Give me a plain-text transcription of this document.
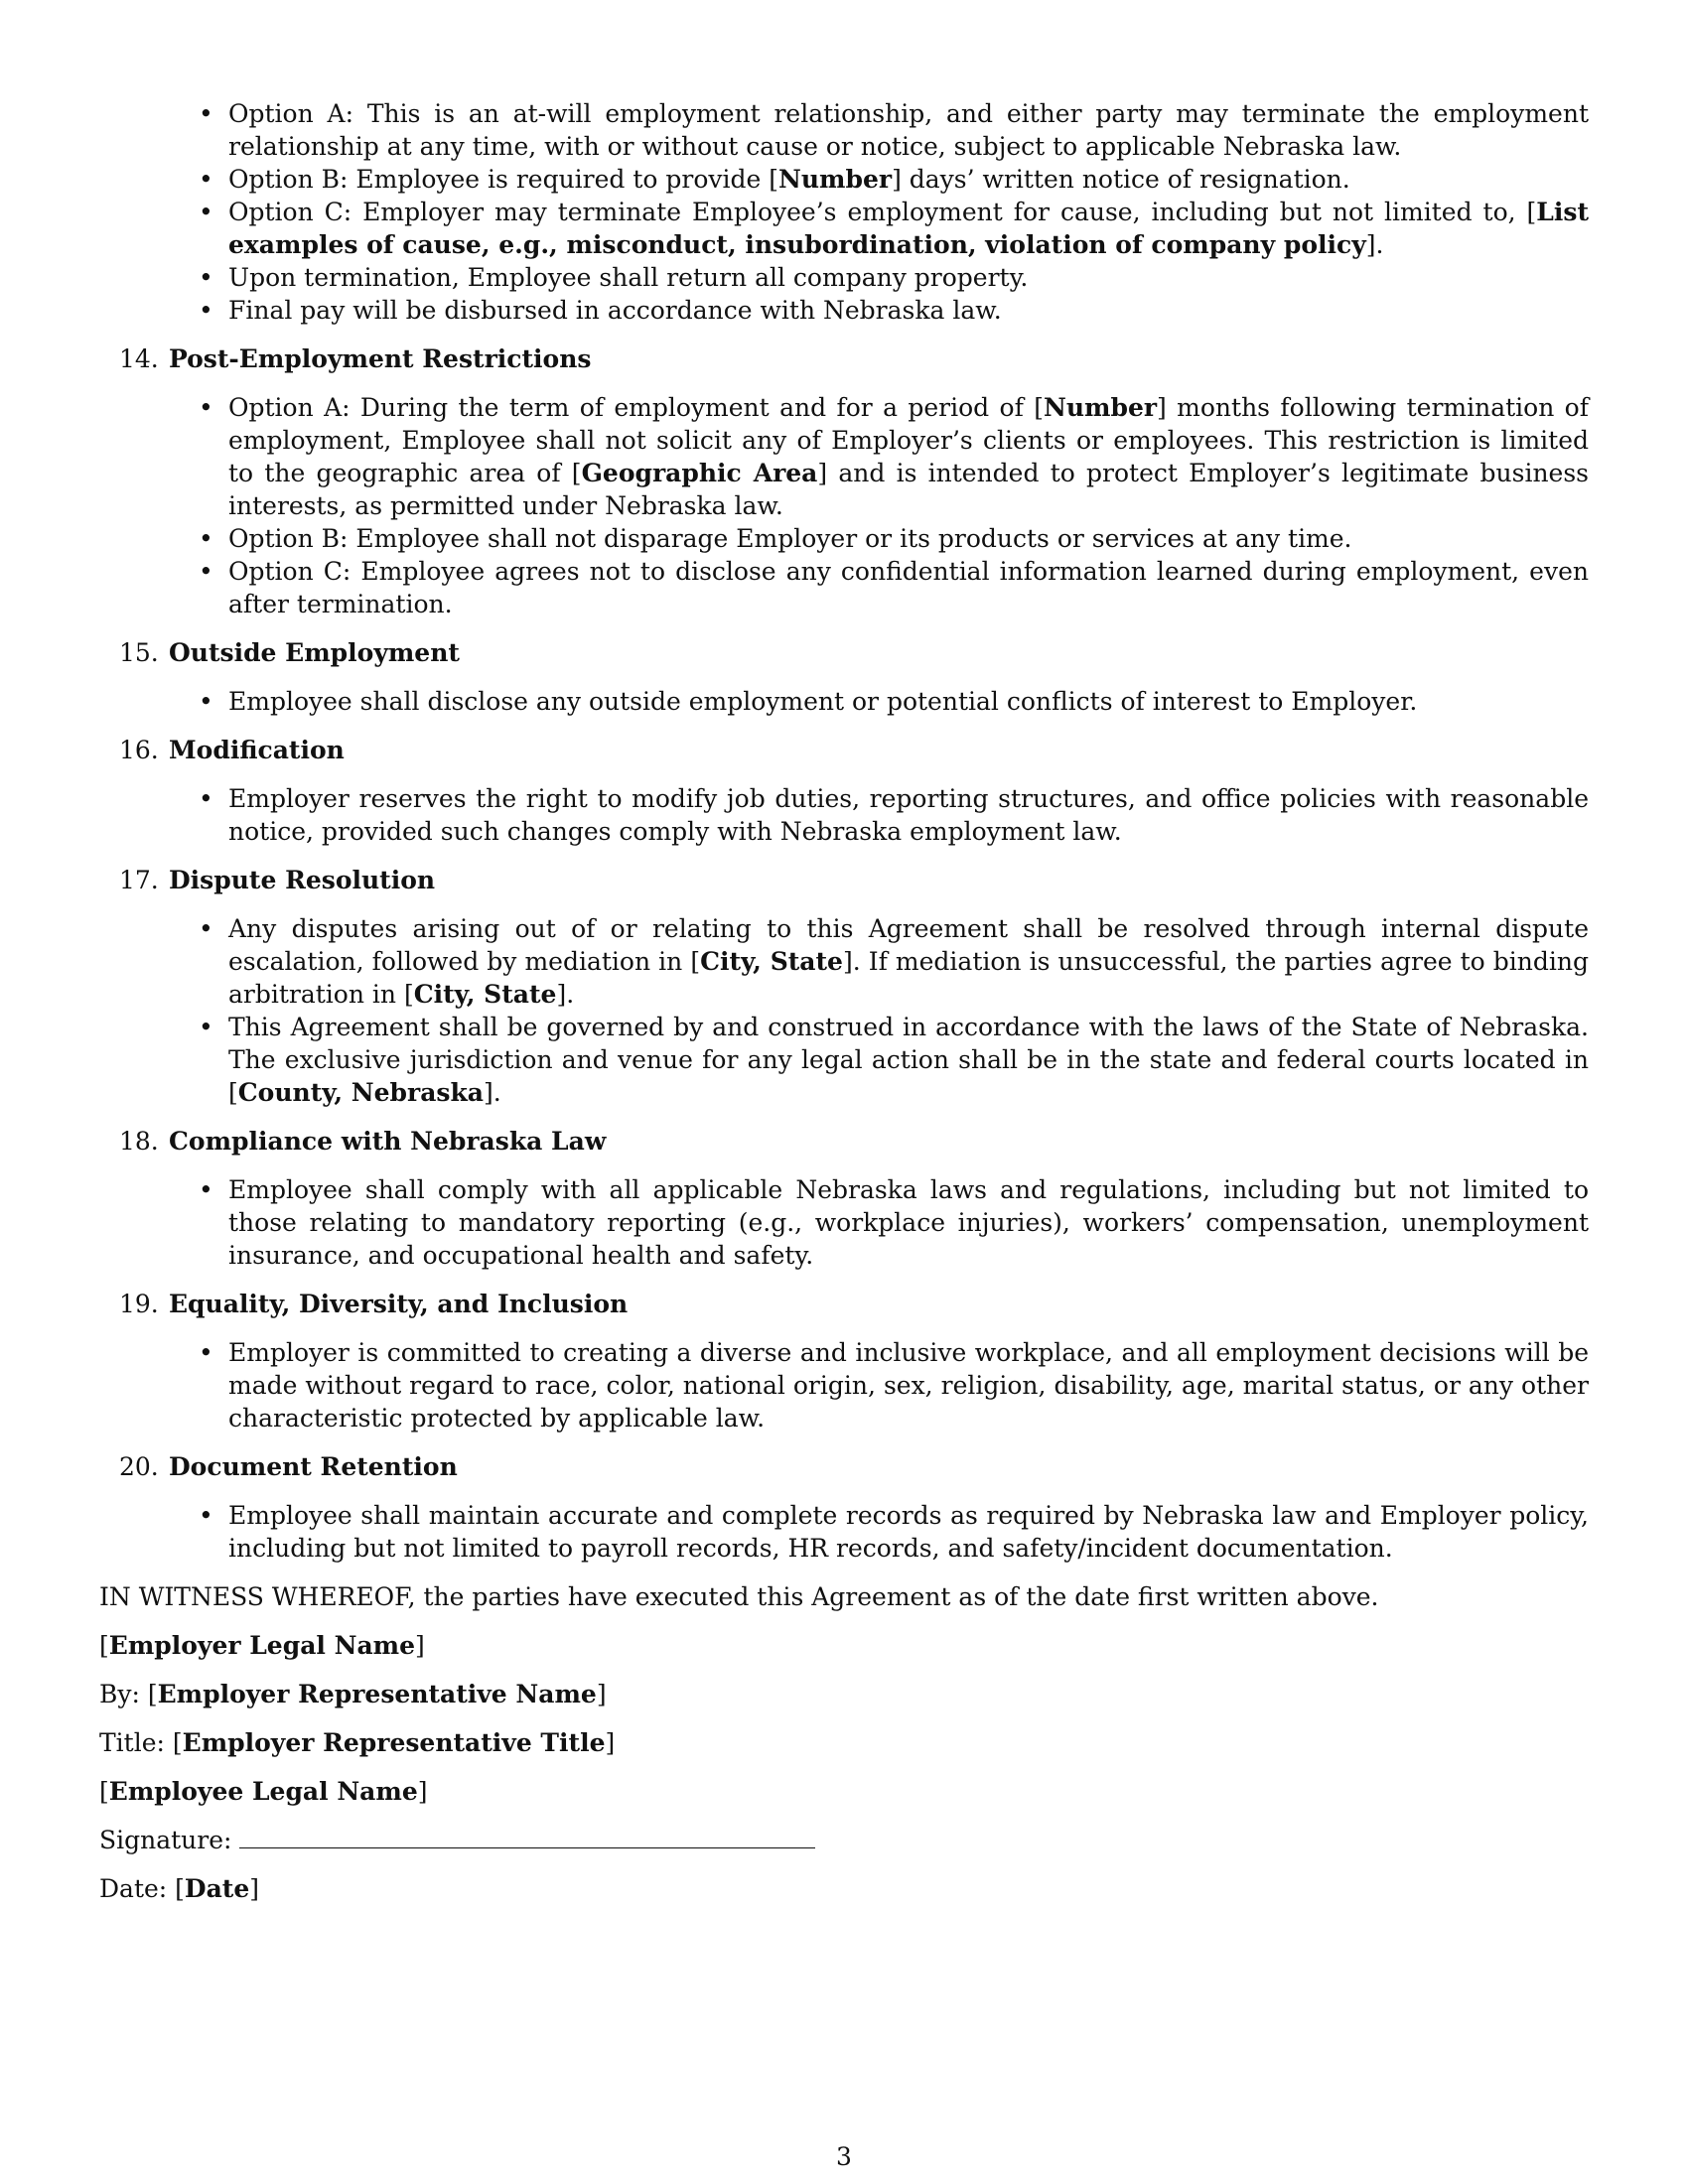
• Option A: This is an at-will employment relationship, and either party may terminate the employment relationship at any time, with or without cause or notice, subject to applicable Nebraska law.
• Option B: Employee is required to provide [Number] days’ written notice of resignation.
• Option C: Employer may terminate Employee’s employment for cause, including but not limited to, [List examples of cause, e.g., misconduct, insubordination, violation of company policy].
• Upon termination, Employee shall return all company property.
• Final pay will be disbursed in accordance with Nebraska law.
14. Post-Employment Restrictions
• Option A: During the term of employment and for a period of [Number] months following termination of employment, Employee shall not solicit any of Employer’s clients or employees. This restriction is limited to the geographic area of [Geographic Area] and is intended to protect Employer’s legitimate business interests, as permitted under Nebraska law.
• Option B: Employee shall not disparage Employer or its products or services at any time.
• Option C: Employee agrees not to disclose any confidential information learned during employment, even after termination.
15. Outside Employment
• Employee shall disclose any outside employment or potential conflicts of interest to Employer.
16. Modification
• Employer reserves the right to modify job duties, reporting structures, and office policies with reasonable notice, provided such changes comply with Nebraska employment law.
17. Dispute Resolution
• Any disputes arising out of or relating to this Agreement shall be resolved through internal dispute escalation, followed by mediation in [City, State]. If mediation is unsuccessful, the parties agree to binding arbitration in [City, State].
• This Agreement shall be governed by and construed in accordance with the laws of the State of Nebraska. The exclusive jurisdiction and venue for any legal action shall be in the state and federal courts located in [County, Nebraska].
18. Compliance with Nebraska Law
• Employee shall comply with all applicable Nebraska laws and regulations, including but not limited to those relating to mandatory reporting (e.g., workplace injuries), workers’ compensation, unemployment insurance, and occupational health and safety.
19. Equality, Diversity, and Inclusion
• Employer is committed to creating a diverse and inclusive workplace, and all employment decisions will be made without regard to race, color, national origin, sex, religion, disability, age, marital status, or any other characteristic protected by applicable law.
20. Document Retention
• Employee shall maintain accurate and complete records as required by Nebraska law and Employer policy, including but not limited to payroll records, HR records, and safety/incident documentation.
IN WITNESS WHEREOF, the parties have executed this Agreement as of the date first written above.
[Employer Legal Name]
By: [Employer Representative Name]
Title: [Employer Representative Title]
[Employee Legal Name]
Signature:
Date: [Date]
3
